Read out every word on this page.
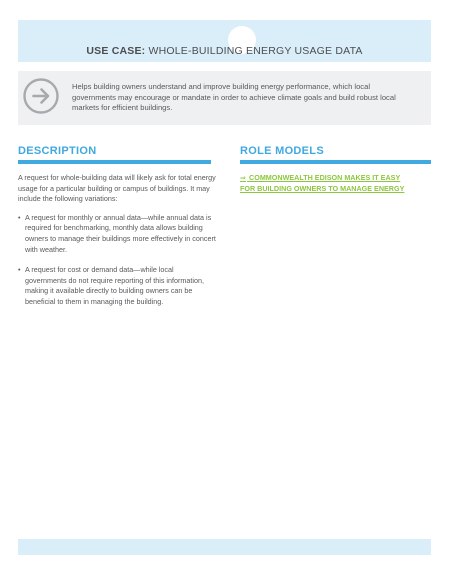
USE CASE: WHOLE-BUILDING ENERGY USAGE DATA
Helps building owners understand and improve building energy performance, which local governments may encourage or mandate in order to achieve climate goals and build robust local markets for efficient buildings.
DESCRIPTION	ROLE MODELS

A request for whole-building data will likely ask for total energy usage for a particular building or campus of buildings. It may include the following variations:

• A request for monthly or annual data—while annual data is required for benchmarking, monthly data allows building owners to manage their buildings more effectively in concert with weather.
• A request for cost or demand data—while local governments do not require reporting of this information, making it available directly to building owners can be beneficial to them in managing the building.
⇒ COMMONWEALTH EDISON MAKES IT EASY FOR BUILDING OWNERS TO MANAGE ENERGY
